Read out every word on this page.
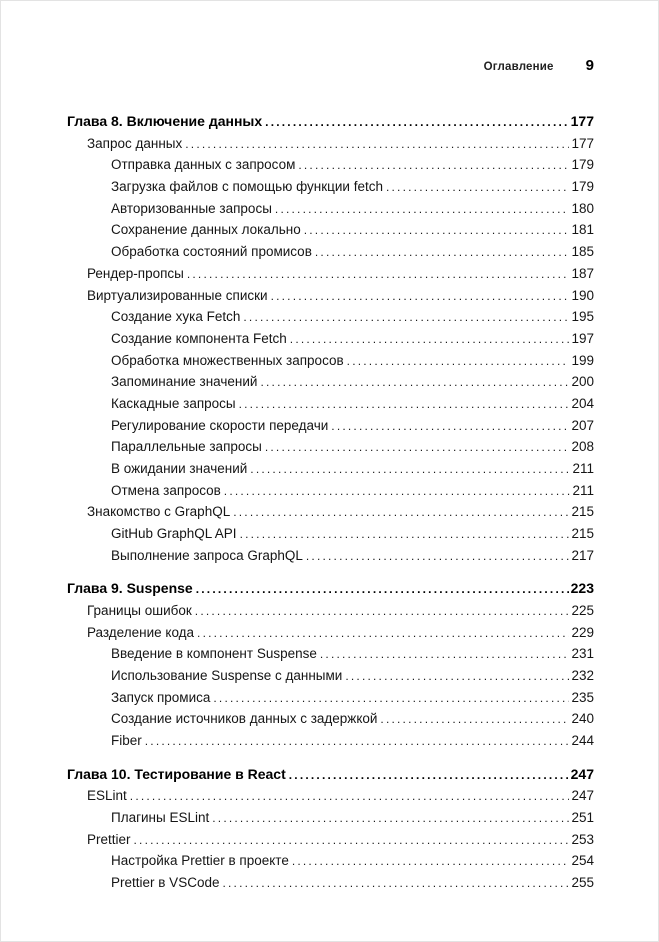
Оглавление 9
Глава 8. Включение данных .....	177
Запрос данных .....	177
Отправка данных с запросом .....	179
Загрузка файлов с помощью функции fetch .....	179
Авторизованные запросы .....	180
Сохранение данных локально .....	181
Обработка состояний промисов .....	185
Рендер-пропсы .....	187
Виртуализированные списки .....	190
Создание хука Fetch .....	195
Создание компонента Fetch .....	197
Обработка множественных запросов .....	199
Запоминание значений .....	200
Каскадные запросы .....	204
Регулирование скорости передачи .....	207
Параллельные запросы .....	208
В ожидании значений .....	211
Отмена запросов .....	211
Знакомство с GraphQL .....	215
GitHub GraphQL API .....	215
Выполнение запроса GraphQL .....	217
Глава 9. Suspense .....	223
Границы ошибок .....	225
Разделение кода .....	229
Введение в компонент Suspense .....	231
Использование Suspense с данными .....	232
Запуск промиса .....	235
Создание источников данных с задержкой .....	240
Fiber .....	244
Глава 10. Тестирование в React .....	247
ESLint .....	247
Плагины ESLint .....	251
Prettier .....	253
Настройка Prettier в проекте .....	254
Prettier в VSCode .....	255
